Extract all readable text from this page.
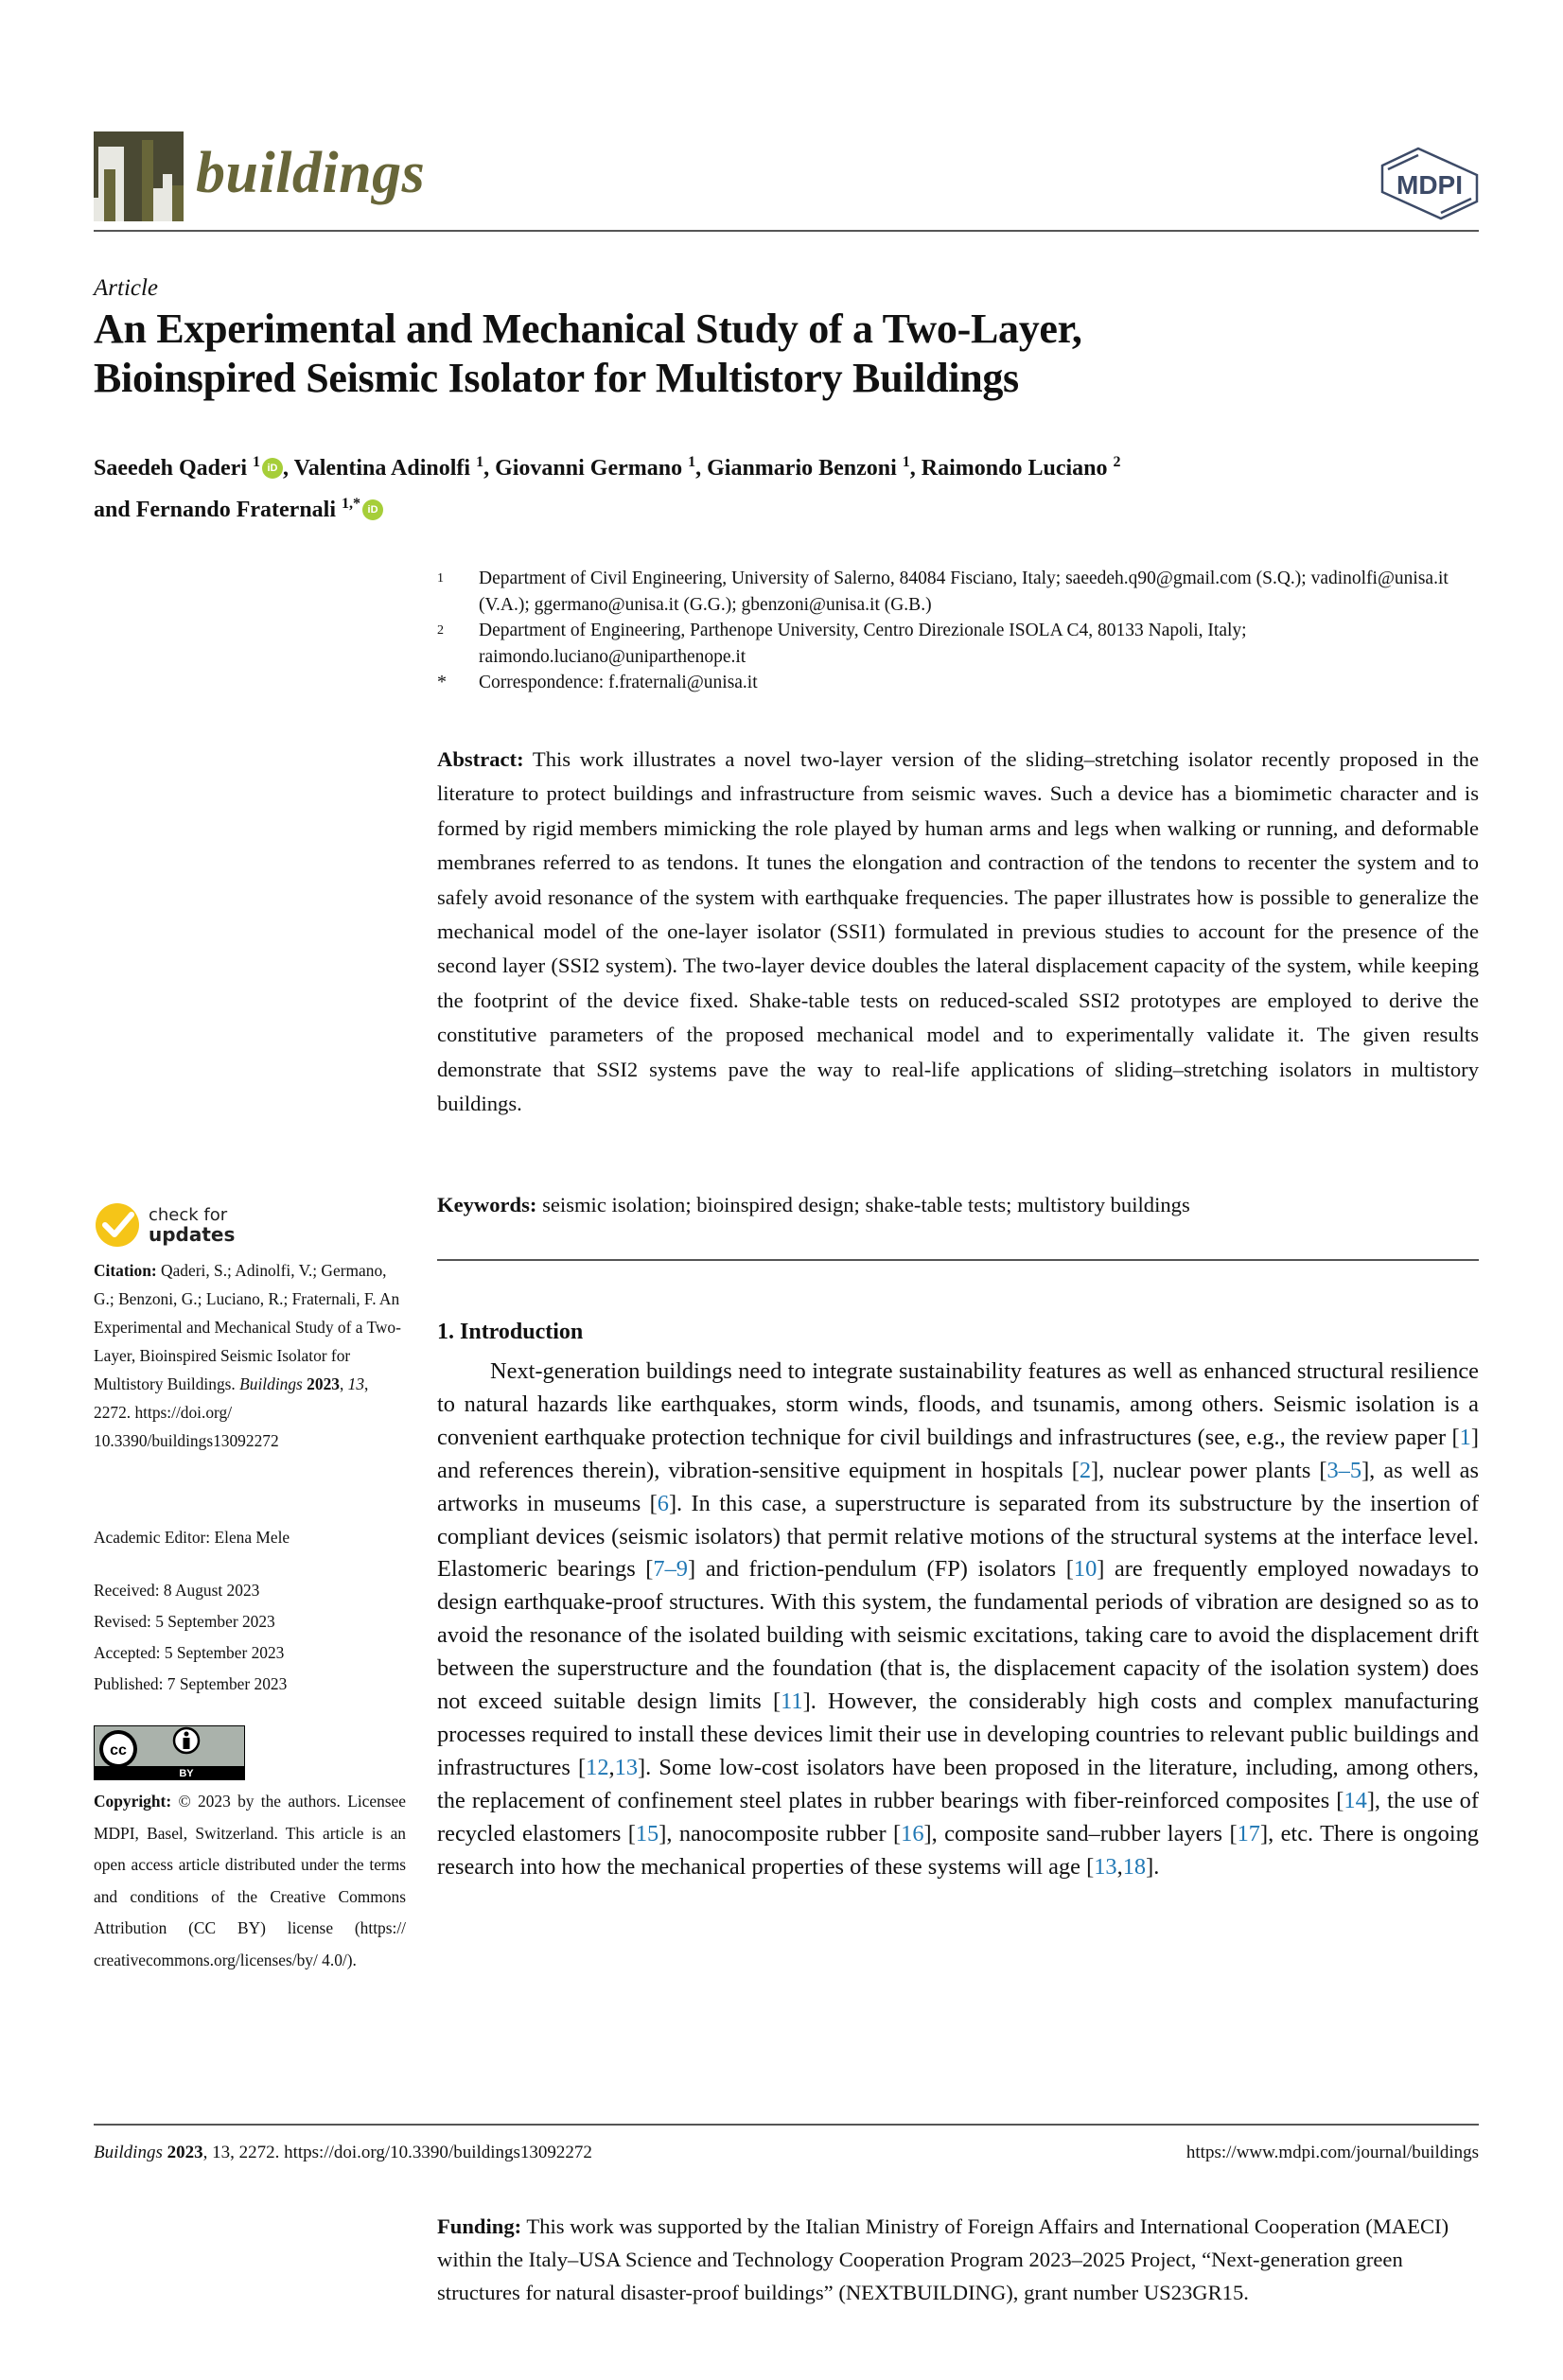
buildings	MDPI
Article
An Experimental and Mechanical Study of a Two-Layer,
Bioinspired Seismic Isolator for Multistory Buildings
Saeedeh Qaderi $^1$ iD , Valentina Adinolfi $^1$, Giovanni Germano $^1$, Gianmario Benzoni $^1$, Raimondo Luciano $^2$
and Fernando Fraternali $^{1,*}$ iD
1	Department of Civil Engineering, University of Salerno, 84084 Fisciano, Italy; saeedeh.q90@gmail.com (S.Q.); vadinolfi@unisa.it (V.A.); ggermano@unisa.it (G.G.); gbenzoni@unisa.it (G.B.)
2	Department of Engineering, Parthenope University, Centro Direzionale ISOLA C4, 80133 Napoli, Italy; raimondo.luciano@uniparthenope.it
*	Correspondence: f.fraternali@unisa.it
Abstract: This work illustrates a novel two-layer version of the sliding–stretching isolator recently proposed in the literature to protect buildings and infrastructure from seismic waves. Such a device has a biomimetic character and is formed by rigid members mimicking the role played by human arms and legs when walking or running, and deformable membranes referred to as tendons. It tunes the elongation and contraction of the tendons to recenter the system and to safely avoid resonance of the system with earthquake frequencies. The paper illustrates how is possible to generalize the mechanical model of the one-layer isolator (SSI1) formulated in previous studies to account for the presence of the second layer (SSI2 system). The two-layer device doubles the lateral displacement capacity of the system, while keeping the footprint of the device fixed. Shake-table tests on reduced-scaled SSI2 prototypes are employed to derive the constitutive parameters of the proposed mechanical model and to experimentally validate it. The given results demonstrate that SSI2 systems pave the way to real-life applications of sliding–stretching isolators in multistory buildings.
Keywords: seismic isolation; bioinspired design; shake-table tests; multistory buildings
1. Introduction
Next-generation buildings need to integrate sustainability features as well as enhanced structural resilience to natural hazards like earthquakes, storm winds, floods, and tsunamis, among others. Seismic isolation is a convenient earthquake protection technique for civil buildings and infrastructures (see, e.g., the review paper [1] and references therein), vibration-sensitive equipment in hospitals [2], nuclear power plants [3–5], as well as artworks in museums [6]. In this case, a superstructure is separated from its substructure by the insertion of compliant devices (seismic isolators) that permit relative motions of the structural systems at the interface level. Elastomeric bearings [7–9] and friction-pendulum (FP) isolators [10] are frequently employed nowadays to design earthquake-proof structures. With this system, the fundamental periods of vibration are designed so as to avoid the resonance of the isolated building with seismic excitations, taking care to avoid the displacement drift between the superstructure and the foundation (that is, the displacement capacity of the isolation system) does not exceed suitable design limits [11]. However, the considerably high costs and complex manufacturing processes required to install these devices limit their use in developing countries to relevant public buildings and infrastructures [12,13]. Some low-cost isolators have been proposed in the literature, including, among others, the replacement of confinement steel plates in rubber bearings with fiber-reinforced composites [14], the use of recycled elastomers [15], nanocomposite rubber [16], composite sand–rubber layers [17], etc. There is ongoing research into how the mechanical properties of these systems will age [13,18].
check for
updates
Citation: Qaderi, S.; Adinolfi, V.; Germano, G.; Benzoni, G.; Luciano, R.; Fraternali, F. An Experimental and Mechanical Study of a Two-Layer, Bioinspired Seismic Isolator for Multistory Buildings. Buildings 2023, 13, 2272. https://doi.org/ 10.3390/buildings13092272
Academic Editor: Elena Mele
Received: 8 August 2023
Revised: 5 September 2023
Accepted: 5 September 2023
Published: 7 September 2023
cc
BY
Copyright: © 2023 by the authors. Licensee MDPI, Basel, Switzerland. This article is an open access article distributed under the terms and conditions of the Creative Commons Attribution (CC BY) license (https:// creativecommons.org/licenses/by/ 4.0/).
Buildings 2023, 13, 2272. https://doi.org/10.3390/buildings13092272	https://www.mdpi.com/journal/buildings
Funding: This work was supported by the Italian Ministry of Foreign Affairs and International Cooperation (MAECI) within the Italy–USA Science and Technology Cooperation Program 2023–2025 Project, “Next-generation green structures for natural disaster-proof buildings” (NEXTBUILDING), grant number US23GR15.
